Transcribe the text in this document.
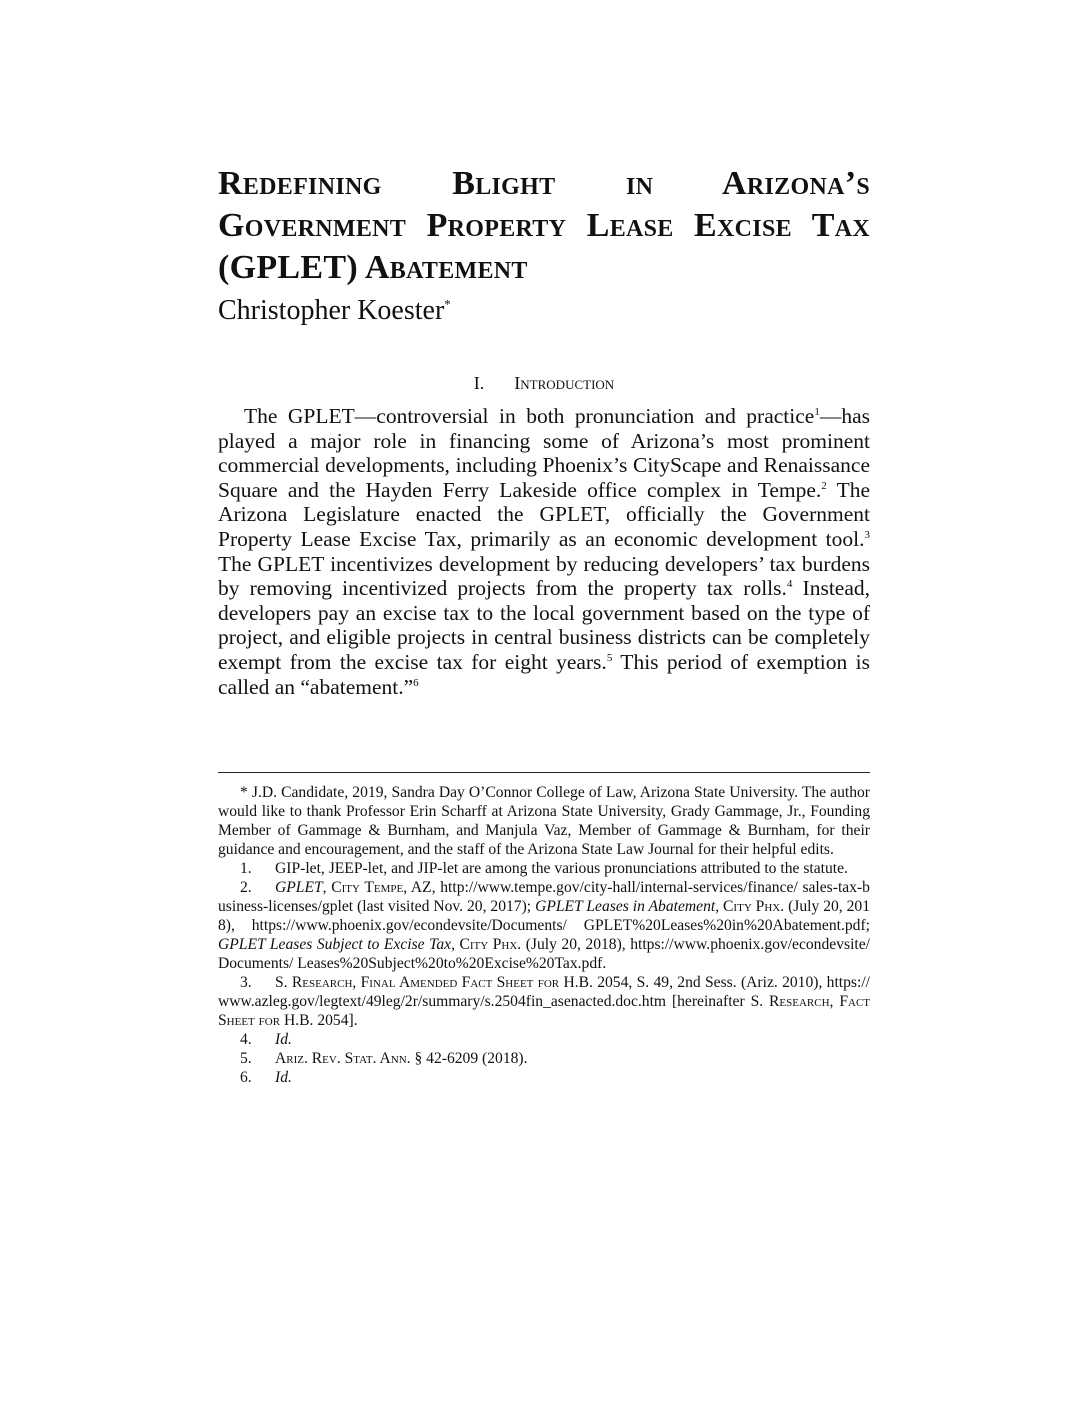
Redefining Blight in Arizona’s
Government Property Lease Excise Tax
(GPLET) Abatement
Christopher Koester*
I. Introduction

The GPLET—controversial in both pronunciation and practice$^1$—has played a major role in financing some of Arizona’s most prominent commercial developments, including Phoenix’s CityScape and Renaissance Square and the Hayden Ferry Lakeside office complex in Tempe.$^2$ The Arizona Legislature enacted the GPLET, officially the Government Property Lease Excise Tax, primarily as an economic development tool.$^3$ The GPLET incentivizes development by reducing developers’ tax burdens by removing incentivized projects from the property tax rolls.$^4$ Instead, developers pay an excise tax to the local government based on the type of project, and eligible projects in central business districts can be completely exempt from the excise tax for eight years.$^5$ This period of exemption is called an “abatement.”$^6$

* J.D. Candidate, 2019, Sandra Day O’Connor College of Law, Arizona State University. The author would like to thank Professor Erin Scharff at Arizona State University, Grady Gammage, Jr., Founding Member of Gammage & Burnham, and Manjula Vaz, Member of Gammage & Burnham, for their guidance and encouragement, and the staff of the Arizona State Law Journal for their helpful edits.

1. GIP-let, JEEP-let, and JIP-let are among the various pronunciations attributed to the statute.

2. GPLET, City Tempe, AZ, http://www.tempe.gov/city-hall/internal-services/finance/ sales-tax-business-licenses/gplet (last visited Nov. 20, 2017); GPLET Leases in Abatement, City Phx. (July 20, 2018), https://www.phoenix.gov/econdevsite/Documents/ GPLET%20Leases%20in%20Abatement.pdf; GPLET Leases Subject to Excise Tax, City Phx. (July 20, 2018), https://www.phoenix.gov/econdevsite/Documents/ Leases%20Subject%20to%20Excise%20Tax.pdf.

3. S. Research, Final Amended Fact Sheet for H.B. 2054, S. 49, 2nd Sess. (Ariz. 2010), https://www.azleg.gov/legtext/49leg/2r/summary/s.2504fin_asenacted.doc.htm [hereinafter S. Research, Fact Sheet for H.B. 2054].

4. Id.

5. Ariz. Rev. Stat. Ann. § 42-6209 (2018).

6. Id.
